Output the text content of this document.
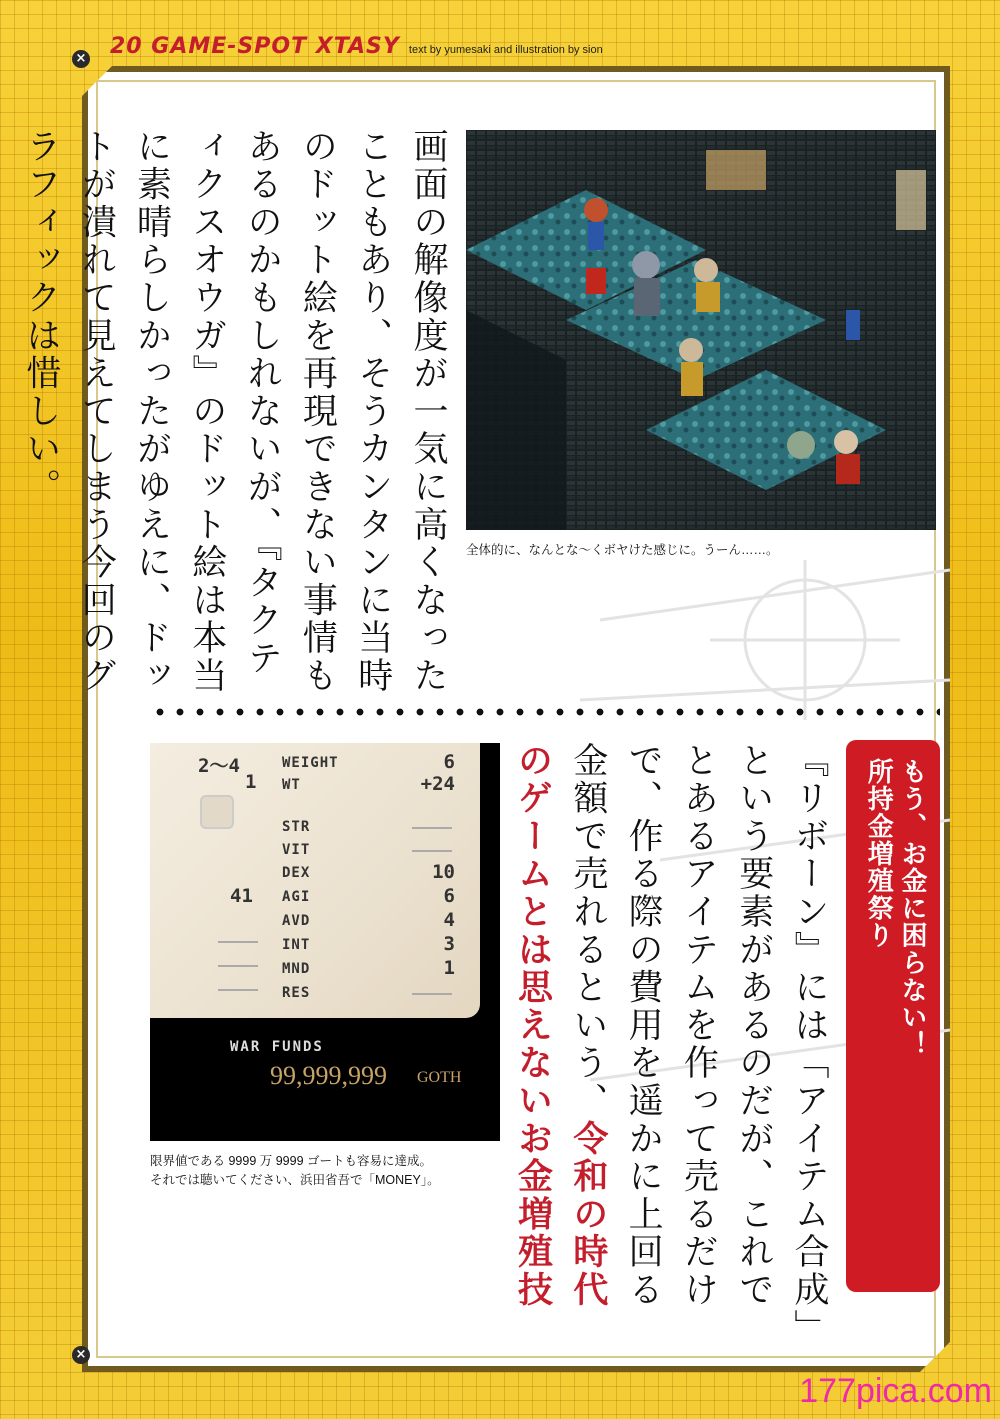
20 GAME-SPOT XTASY text by yumesaki and illustration by sion
×
×
画面の解像度が一気に高くなったこともあり、そうカンタンに当時のドット絵を再現できない事情もあるのかもしれないが、『タクティクスオウガ』のドット絵は本当に素晴らしかったがゆえに、ドットが潰れて見えてしまう今回のグラフィックは惜しい。
全体的に、なんとな～くボヤけた感じに。うーん……。
もう、お金に困らない！
所持金増殖祭り
『リボーン』には「アイテム合成」という要素があるのだが、これでとあるアイテムを作って売るだけで、作る際の費用を遥かに上回る金額で売れるという、令和の時代のゲームとは思えないお金増殖技
2～4
1
41
WEIGHT	6
WT	+24
STR
VIT
DEX	10
AGI	6
AVD	4
INT	3
MND	1
RES
WAR FUNDS
99,999,999 GOTH
限界値である 9999 万 9999 ゴートも容易に達成。
それでは聴いてください、浜田省吾で「MONEY」。
177pica.com
